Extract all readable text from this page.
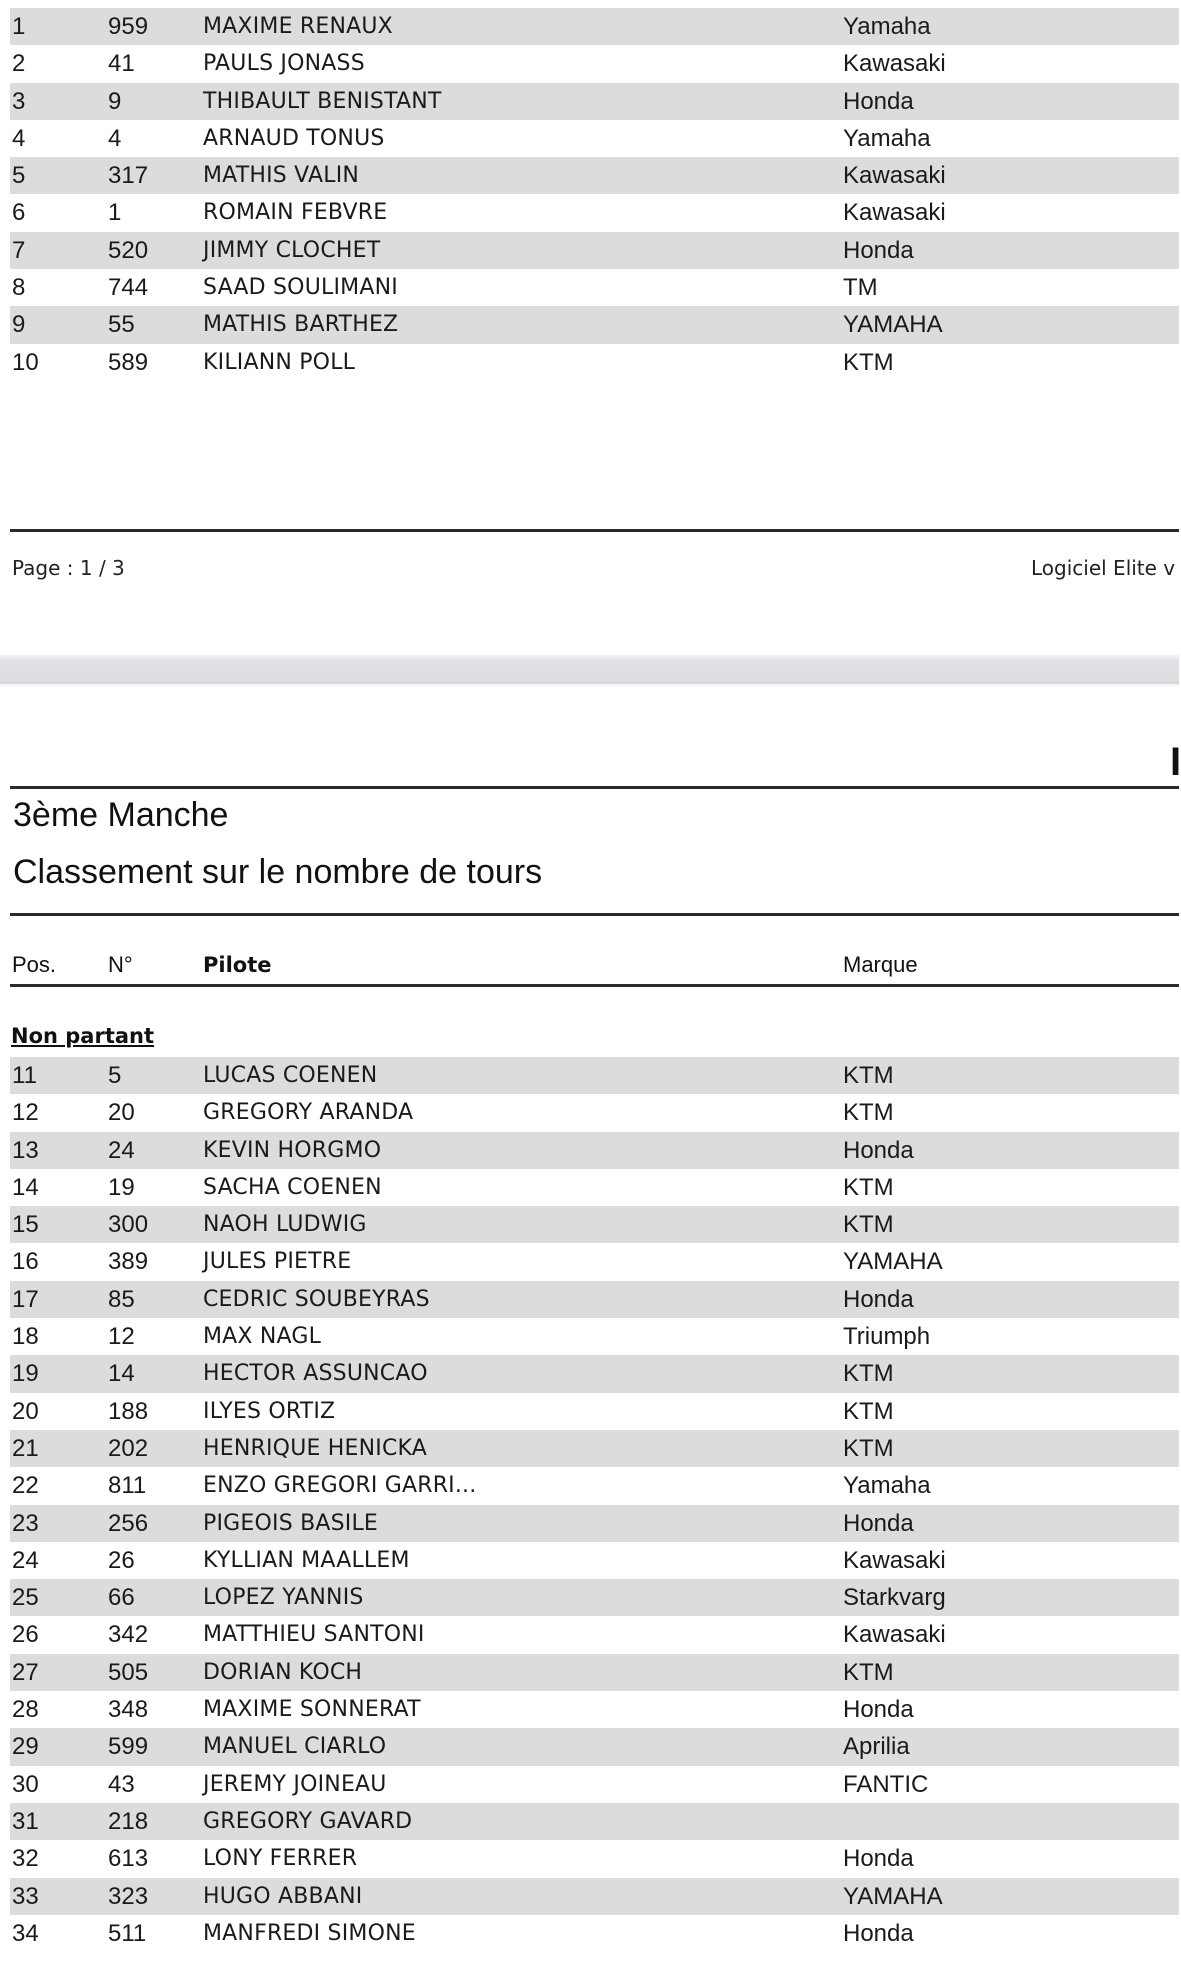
1	959 MAXIME RENAUX	Yamaha
2	41	PAULS JONASS	Kawasaki
3	9	THIBAULT BENISTANT	Honda
4	4	ARNAUD TONUS	Yamaha
5	317 MATHIS VALIN	Kawasaki
6	1	ROMAIN FEBVRE	Kawasaki
7	520 JIMMY CLOCHET	Honda
8	744 SAAD SOULIMANI	TM
9	55	MATHIS BARTHEZ	YAMAHA
10	589 KILIANN POLL	KTM
Page : 1 / 3	Logiciel Elite v
I
3ème Manche
Classement sur le nombre de tours
Pos. N°	Pilote	Marque
Non partant
11	5	LUCAS COENEN	KTM
12	20	GREGORY ARANDA	KTM
13	24	KEVIN HORGMO	Honda
14	19	SACHA COENEN	KTM
15	300 NAOH LUDWIG	KTM
16	389 JULES PIETRE	YAMAHA
17	85	CEDRIC SOUBEYRAS	Honda
18	12	MAX NAGL	Triumph
19	14	HECTOR ASSUNCAO	KTM
20	188 ILYES ORTIZ	KTM
21	202 HENRIQUE HENICKA	KTM
22	811	ENZO GREGORI GARRI...	Yamaha
23	256 PIGEOIS BASILE	Honda
24	26	KYLLIAN MAALLEM	Kawasaki
25	66	LOPEZ YANNIS	Starkvarg
26	342 MATTHIEU SANTONI	Kawasaki
27	505 DORIAN KOCH	KTM
28	348 MAXIME SONNERAT	Honda
29	599 MANUEL CIARLO	Aprilia
30	43	JEREMY JOINEAU	FANTIC
31	218 GREGORY GAVARD
32	613 LONY FERRER	Honda
33	323 HUGO ABBANI	YAMAHA
34	511	MANFREDI SIMONE	Honda
